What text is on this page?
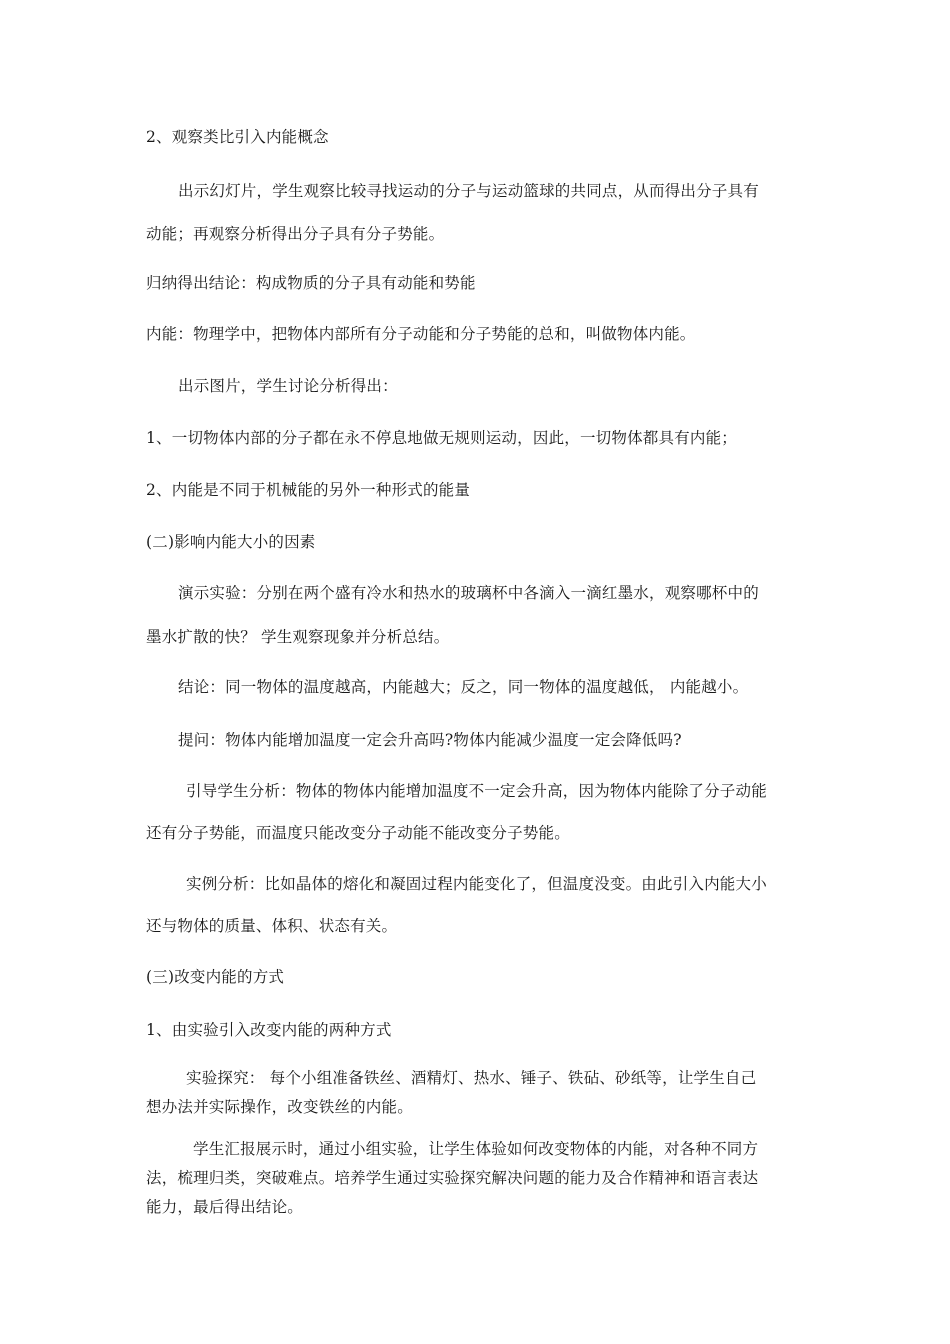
2、观察类比引入内能概念
出示幻灯片，学生观察比较寻找运动的分子与运动篮球的共同点，从而得出分子具有
动能；再观察分析得出分子具有分子势能。
归纳得出结论：构成物质的分子具有动能和势能
内能：物理学中，把物体内部所有分子动能和分子势能的总和，叫做物体内能。
出示图片，学生讨论分析得出：
1、一切物体内部的分子都在永不停息地做无规则运动，因此，一切物体都具有内能；
2、内能是不同于机械能的另外一种形式的能量
(二)影响内能大小的因素
演示实验：分别在两个盛有冷水和热水的玻璃杯中各滴入一滴红墨水，观察哪杯中的
墨水扩散的快？ 学生观察现象并分析总结。
结论：同一物体的温度越高，内能越大；反之，同一物体的温度越低， 内能越小。
提问：物体内能增加温度一定会升高吗?物体内能减少温度一定会降低吗?
引导学生分析：物体的物体内能增加温度不一定会升高，因为物体内能除了分子动能
还有分子势能，而温度只能改变分子动能不能改变分子势能。
实例分析：比如晶体的熔化和凝固过程内能变化了，但温度没变。由此引入内能大小
还与物体的质量、体积、状态有关。
(三)改变内能的方式
1、由实验引入改变内能的两种方式
实验探究： 每个小组准备铁丝、酒精灯、热水、锤子、铁砧、砂纸等，让学生自己
想办法并实际操作，改变铁丝的内能。
学生汇报展示时，通过小组实验，让学生体验如何改变物体的内能，对各种不同方
法，梳理归类，突破难点。培养学生通过实验探究解决问题的能力及合作精神和语言表达
能力，最后得出结论。
